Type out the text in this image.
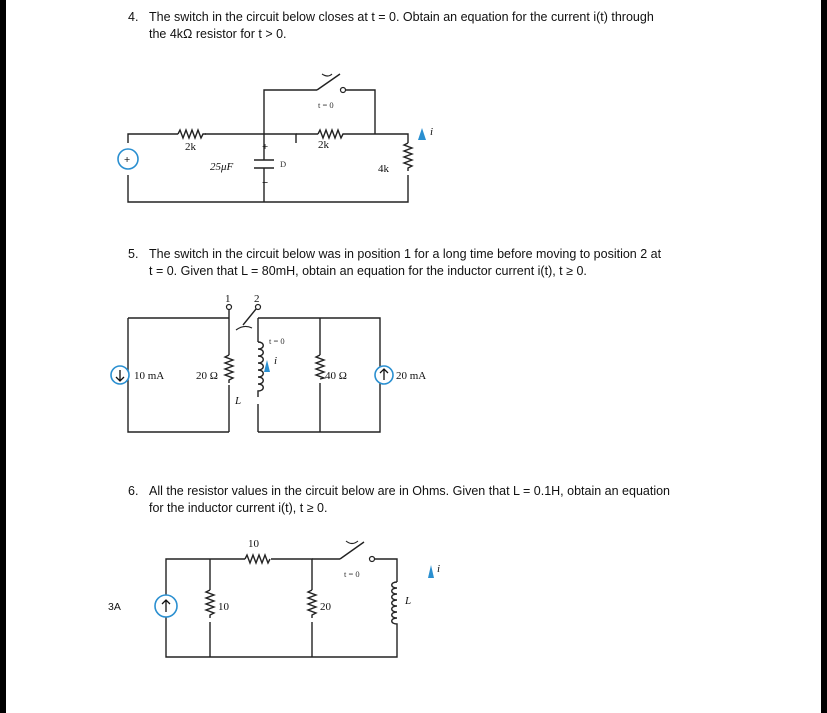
4. The switch in the circuit below closes at t = 0. Obtain an equation for the current i(t) through
the 4kΩ resistor for t > 0.
5. The switch in the circuit below was in position 1 for a long time before moving to position 2 at
t = 0. Given that L = 80mH, obtain an equation for the inductor current i(t), t ≥ 0.
6. All the resistor values in the circuit below are in Ohms. Given that L = 0.1H, obtain an equation
for the inductor current i(t), t ≥ 0.
+
2k
25μF
+
−
D
t = 0
2k
4k
i
1 2
t = 0
10 mA	20 Ω
L
i
40 Ω	20 mA
3A
10
10	20
t = 0
L
i
